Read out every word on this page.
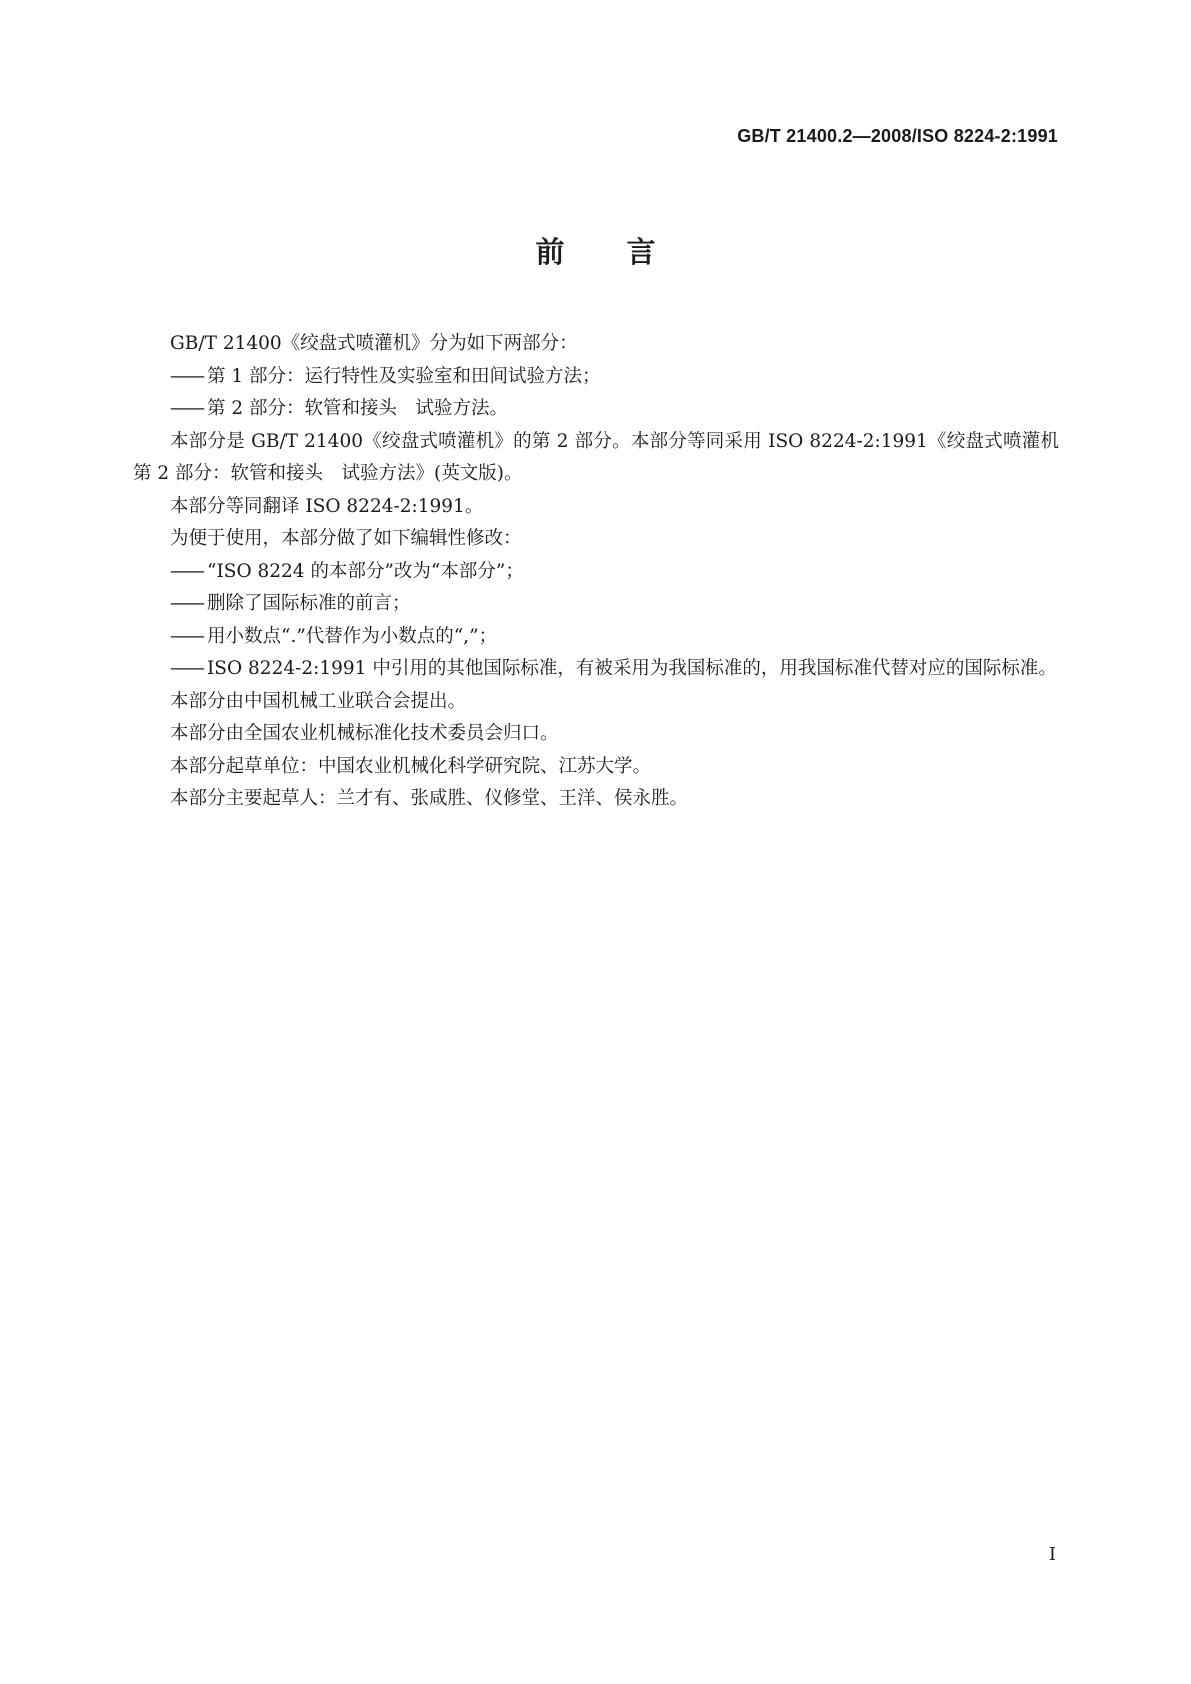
GB/T 21400.2—2008/ISO 8224-2:1991
前言

GB/T 21400《绞盘式喷灌机》分为如下两部分：

—— 第 1 部分：运行特性及实验室和田间试验方法；

—— 第 2 部分：软管和接头　试验方法。

本部分是 GB/T 21400《绞盘式喷灌机》的第 2 部分。本部分等同采用 ISO 8224-2:1991《绞盘式喷灌机　第 2 部分：软管和接头　试验方法》(英文版)。

本部分等同翻译 ISO 8224-2:1991。

为便于使用，本部分做了如下编辑性修改：

—— “ISO 8224 的本部分”改为“本部分”；

—— 删除了国际标准的前言；

—— 用小数点“.”代替作为小数点的“,”；

—— ISO 8224-2:1991 中引用的其他国际标准，有被采用为我国标准的，用我国标准代替对应的国际标准。

本部分由中国机械工业联合会提出。

本部分由全国农业机械标准化技术委员会归口。

本部分起草单位：中国农业机械化科学研究院、江苏大学。

本部分主要起草人：兰才有、张咸胜、仪修堂、王洋、侯永胜。

I
